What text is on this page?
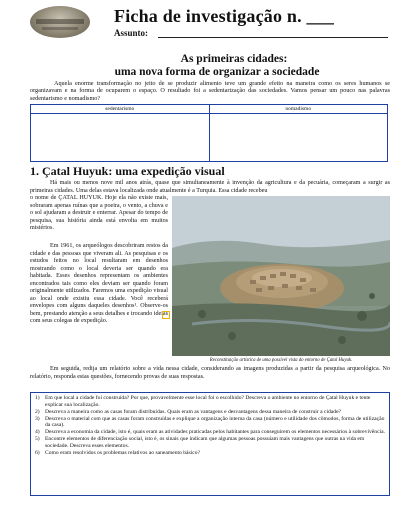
Ficha de investigação n. ___
Assunto:
As primeiras cidades:
uma nova forma de organizar a sociedade

Aquela enorme transformação no jeito de se produzir alimento teve um grande efeito na maneira como os seres humanos se organizavam e na forma de ocuparem o espaço. O resultado foi a sedentarização das sociedades. Vamos pensar um pouco nas palavras sedentarismo e nomadismo?

sedentarismo	nomadismo
1. Çatal Huyuk: uma expedição visual

Há mais ou menos nove mil anos atrás, quase que simultaneamente à invenção da agricultura e da pecuária, começaram a surgir as primeiras cidades. Uma delas estava localizada onde atualmente é a Turquia. Essa cidade recebeu

o nome de ÇATAL HUYUK. Hoje ela não existe mais, sobraram apenas ruínas que a poeira, o vento, a chuva e o sol ajudaram a destruir e enterrar. Apesar do tempo de pesquisa, sua história ainda está envolta em muitos mistérios.

Em 1961, os arqueólogos descobriram restos da cidade e das pessoas que viveram ali. As pesquisas e os estudos feitos no local resultaram em desenhos mostrando como o local deveria ser quando era habitada. Esses desenhos representam os ambientes encontrados tais como eles deviam ser quando foram originalmente utilizados. Faremos uma expedição visual ao local onde existiu essa cidade. Você receberá envelopes com alguns daqueles desenhos¹. Observe-os bem, prestando atenção a seus detalhes e trocando ideias com seus colegas de expedição.

Reconstituição artística de uma possível vista do entorno de Çatal Huyuk.

Em seguida, redija um relatório sobre a vida nessa cidade, considerando as imagens produzidas a partir da pesquisa arqueológica. No relatório, responda estas questões, fornecendo provas de suas respostas.

1) Em que local a cidade foi construída? Por que, provavelmente esse local foi o escolhido? Descreva o ambiente no entorno de Çatal Huyuk e tente explicar sua localização.
2) Descreva a maneira como as casas foram distribuídas. Quais eram as vantagens e desvantagens dessa maneira de construir a cidade?
3) Descreva o material com que as casas foram construídas e explique a organização interna da casa (número e utilidade dos cômodos, forma de utilização da casa).
4) Descreva a economia da cidade, isto é, quais eram as atividades praticadas pelos habitantes para conseguirem os elementos necessários à sobrevivência.
5) Encontre elementos de diferenciação social, isto é, os sinais que indicam que algumas pessoas possuíam mais vantagens que outras na vida em sociedade. Descreva esses elementos.
6) Como eram resolvidos os problemas relativos ao saneamento básico?
